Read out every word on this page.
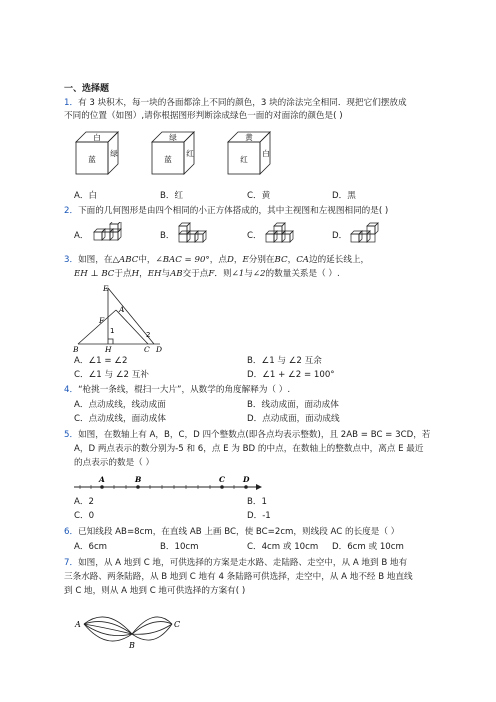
一、选择题
1．有 3 块积木，每一块的各面都涂上不同的颜色，3 块的涂法完全相同．现把它们摆放成
不同的位置（如图）,请你根据图形判断涂成绿色一面的对面涂的颜色是( )
白
蓝
绿
绿
蓝
红
黄
红
白
A．白	B．红	C．黄	D．黑
2．下面的几何图形是由四个相同的小正方体搭成的，其中主视图和左视图相同的是( )
A．	B．	C．	D．
3．如图，在△ABC中，∠BAC = 90°，点D，E分别在BC，CA边的延长线上，
EH ⊥ BC于点H，EH与AB交于点F．则∠1与∠2的数量关系是（ ）.
E
A
F
1	2
B	H	C D
A．∠1 = ∠2	B．∠1 与 ∠2 互余
C．∠1 与 ∠2 互补	D．∠1 + ∠2 = 100°
4．“枪挑一条线，棍扫一大片”，从数学的角度解释为（ ）.
A．点动成线，线动成面	B．线动成面，面动成体
C．点动成线，面动成体	D．点动成面，面动成线
5．如图，在数轴上有 A，B，C，D 四个整数点(即各点均表示整数)，且 2AB = BC = 3CD，若
A，D 两点表示的数分别为-5 和 6，点 E 为 BD 的中点，在数轴上的整数点中，离点 E 最近
的点表示的数是（ ）
A	B	C D
A．2	B．1
C．0	D．-1
6．已知线段 AB=8cm，在直线 AB 上画 BC，使 BC=2cm，则线段 AC 的长度是（ ）
A．6cm	B．10cm	C．4cm 或 10cm D．6cm 或 10cm
7．如图，从 A 地到 C 地，可供选择的方案是走水路、走陆路、走空中，从 A 地到 B 地有
三条水路、两条陆路，从 B 地到 C 地有 4 条陆路可供选择，走空中，从 A 地不经 B 地直线
到 C 地，则从 A 地到 C 地可供选择的方案有( )
A
B
C
